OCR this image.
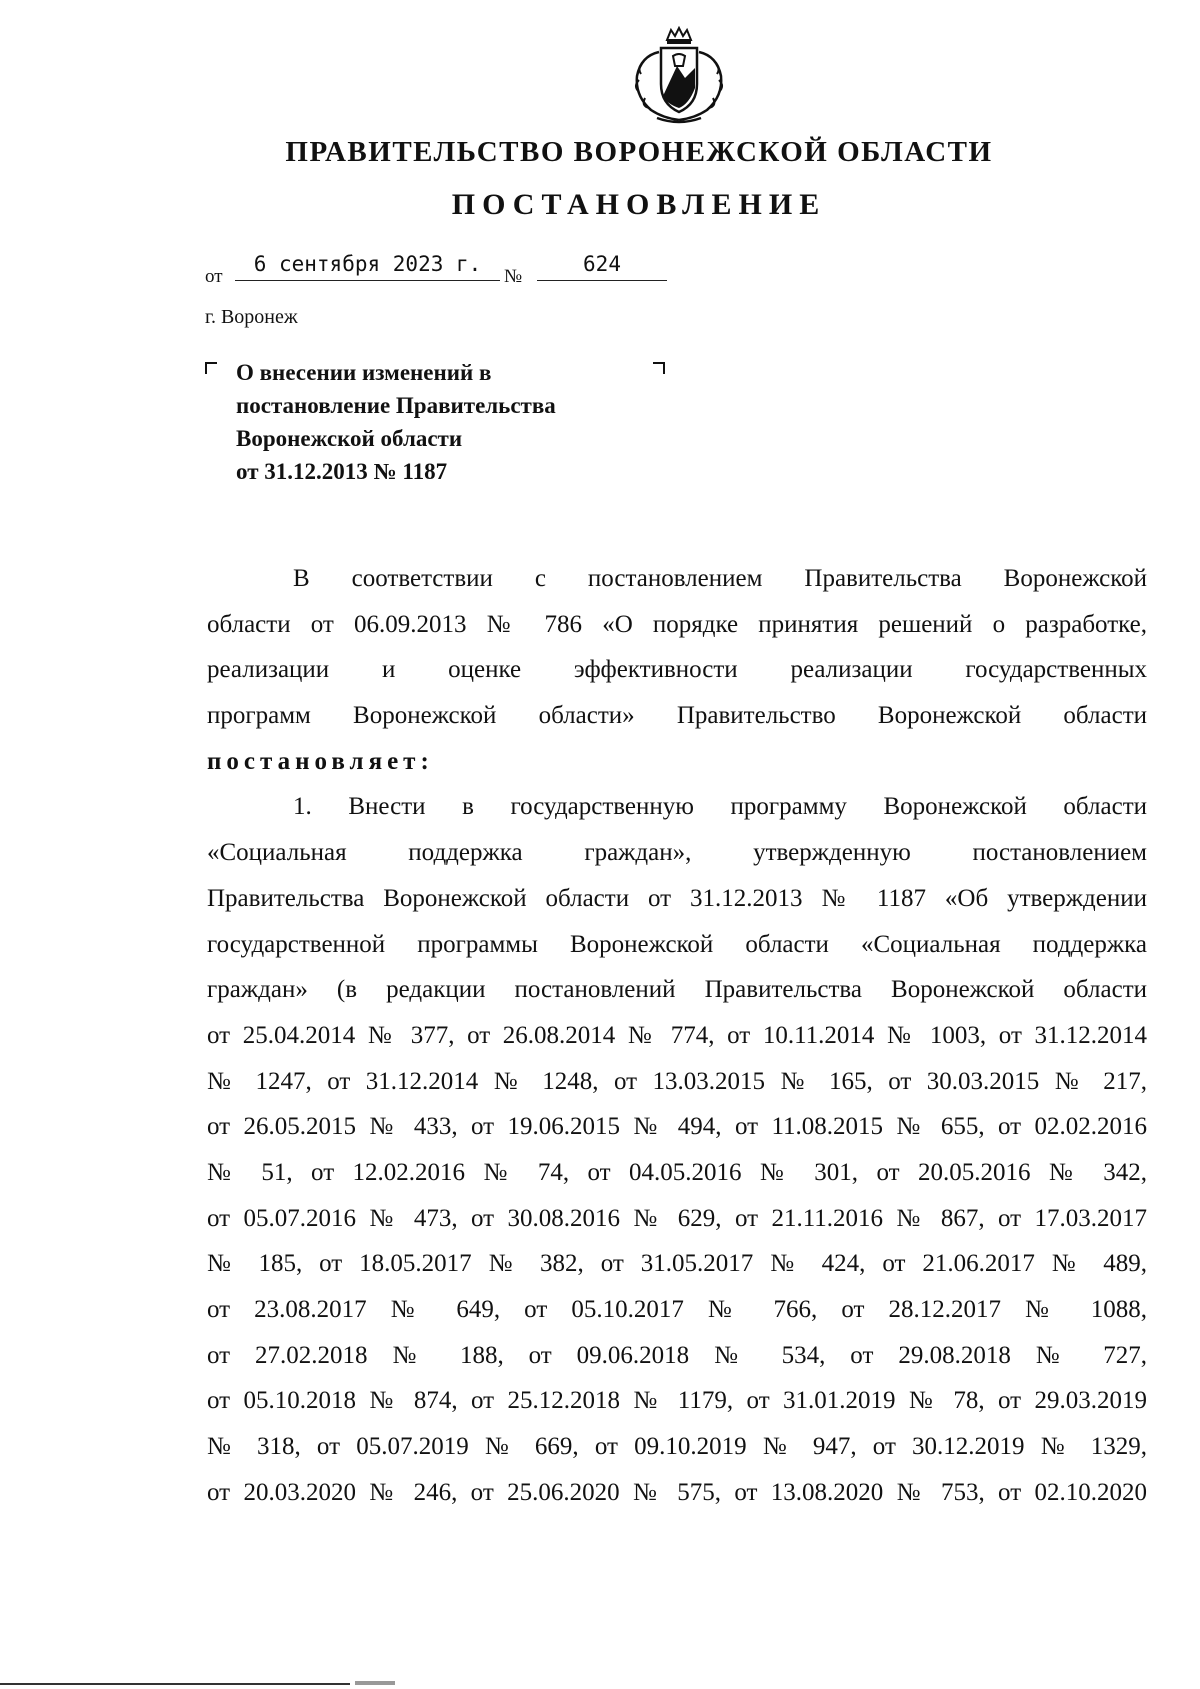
ПРАВИТЕЛЬСТВО ВОРОНЕЖСКОЙ ОБЛАСТИ
ПОСТАНОВЛЕНИЕ
от
6 сентября 2023 г.
№
624
г. Воронеж
О внесении изменений в
постановление Правительства
Воронежской области
от 31.12.2013 № 1187
В соответствии с постановлением Правительства Воронежской
области от 06.09.2013 № 786 «О порядке принятия решений о разработке,
реализации и оценке эффективности реализации государственных
программ Воронежской области» Правительство Воронежской области
постановляет:
1. Внести в государственную программу Воронежской области
«Социальная поддержка граждан», утвержденную постановлением
Правительства Воронежской области от 31.12.2013 № 1187 «Об утверждении
государственной программы Воронежской области «Социальная поддержка
граждан» (в редакции постановлений Правительства Воронежской области
от 25.04.2014 № 377, от 26.08.2014 № 774, от 10.11.2014 № 1003, от 31.12.2014
№ 1247, от 31.12.2014 № 1248, от 13.03.2015 № 165, от 30.03.2015 № 217,
от 26.05.2015 № 433, от 19.06.2015 № 494, от 11.08.2015 № 655, от 02.02.2016
№ 51, от 12.02.2016 № 74, от 04.05.2016 № 301, от 20.05.2016 № 342,
от 05.07.2016 № 473, от 30.08.2016 № 629, от 21.11.2016 № 867, от 17.03.2017
№ 185, от 18.05.2017 № 382, от 31.05.2017 № 424, от 21.06.2017 № 489,
от 23.08.2017 № 649, от 05.10.2017 № 766, от 28.12.2017 № 1088,
от 27.02.2018 № 188, от 09.06.2018 № 534, от 29.08.2018 № 727,
от 05.10.2018 № 874, от 25.12.2018 № 1179, от 31.01.2019 № 78, от 29.03.2019
№ 318, от 05.07.2019 № 669, от 09.10.2019 № 947, от 30.12.2019 № 1329,
от 20.03.2020 № 246, от 25.06.2020 № 575, от 13.08.2020 № 753, от 02.10.2020
